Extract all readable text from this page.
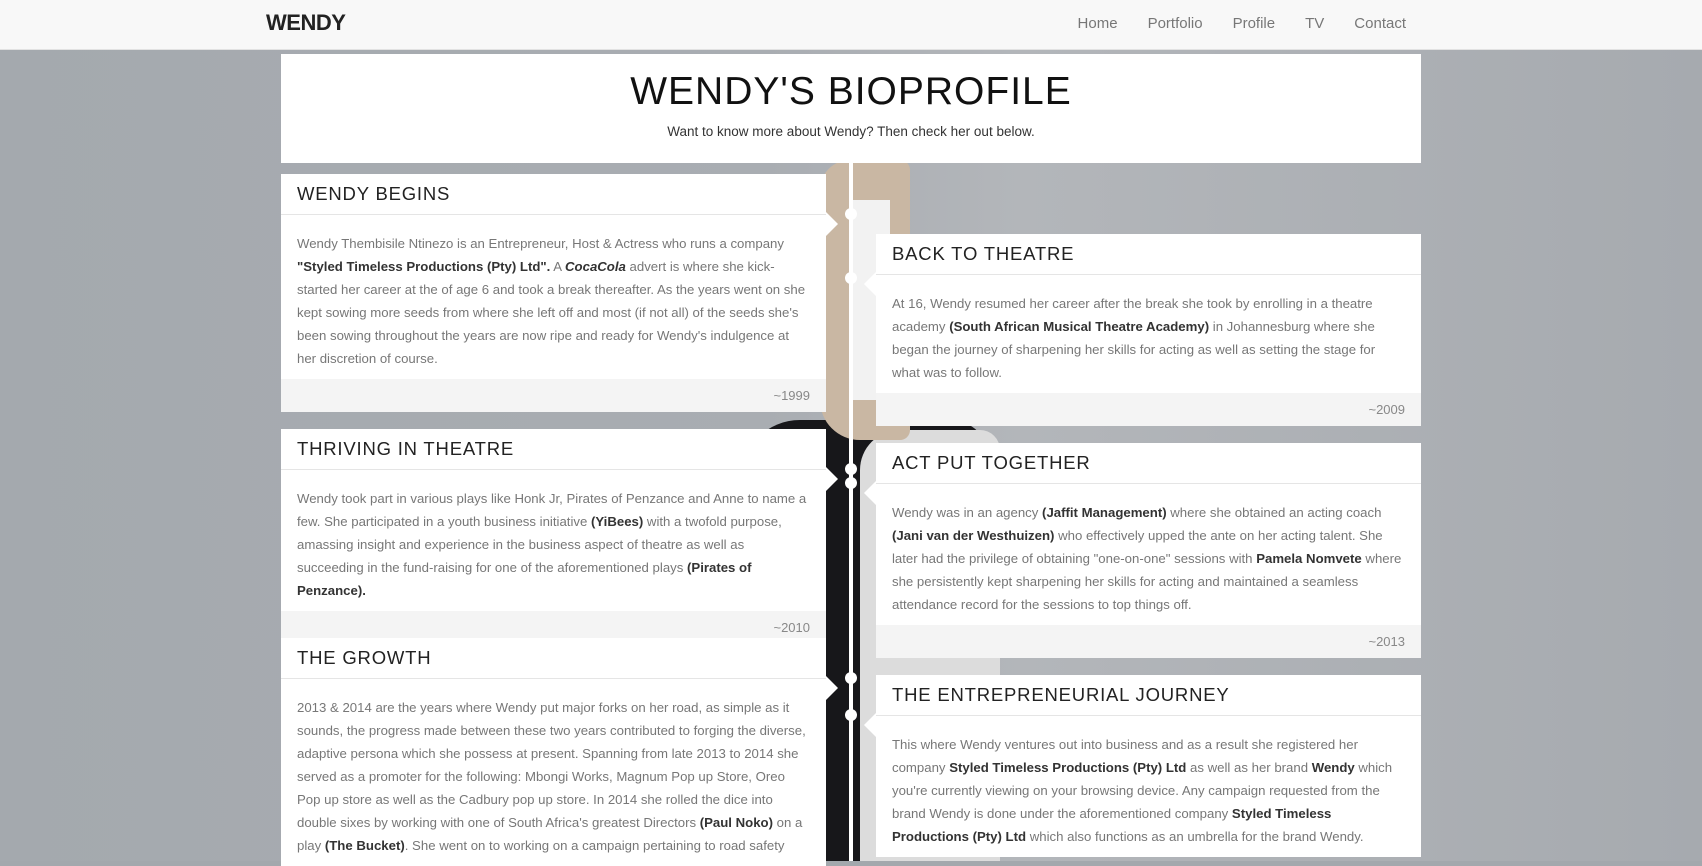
WENDY	Home Portfolio Profile TV Contact
WENDY'S BIOPROFILE

Want to know more about Wendy? Then check her out below.

WENDY BEGINS
Wendy Thembisile Ntinezo is an Entrepreneur, Host & Actress who runs a company "Styled Timeless Productions (Pty) Ltd". A CocaCola advert is where she kick-started her career at the of age 6 and took a break thereafter. As the years went on she kept sowing more seeds from where she left off and most (if not all) of the seeds she's been sowing throughout the years are now ripe and ready for Wendy's indulgence at her discretion of course.
~1999
BACK TO THEATRE
At 16, Wendy resumed her career after the break she took by enrolling in a theatre academy (South African Musical Theatre Academy) in Johannesburg where she began the journey of sharpening her skills for acting as well as setting the stage for what was to follow.
~2009
THRIVING IN THEATRE
Wendy took part in various plays like Honk Jr, Pirates of Penzance and Anne to name a few. She participated in a youth business initiative (YiBees) with a twofold purpose, amassing insight and experience in the business aspect of theatre as well as succeeding in the fund-raising for one of the aforementioned plays (Pirates of Penzance).
~2010
ACT PUT TOGETHER
Wendy was in an agency (Jaffit Management) where she obtained an acting coach (Jani van der Westhuizen) who effectively upped the ante on her acting talent. She later had the privilege of obtaining "one-on-one" sessions with Pamela Nomvete where she persistently kept sharpening her skills for acting and maintained a seamless attendance record for the sessions to top things off.
~2013
THE GROWTH
2013 & 2014 are the years where Wendy put major forks on her road, as simple as it sounds, the progress made between these two years contributed to forging the diverse, adaptive persona which she possess at present. Spanning from late 2013 to 2014 she served as a promoter for the following: Mbongi Works, Magnum Pop up Store, Oreo Pop up store as well as the Cadbury pop up store. In 2014 she rolled the dice into double sixes by working with one of South Africa's greatest Directors (Paul Noko) on a play (The Bucket). She went on to working on a campaign pertaining to road safety
THE ENTREPRENEURIAL JOURNEY
This where Wendy ventures out into business and as a result she registered her company Styled Timeless Productions (Pty) Ltd as well as her brand Wendy which you're currently viewing on your browsing device. Any campaign requested from the brand Wendy is done under the aforementioned company Styled Timeless Productions (Pty) Ltd which also functions as an umbrella for the brand Wendy.
